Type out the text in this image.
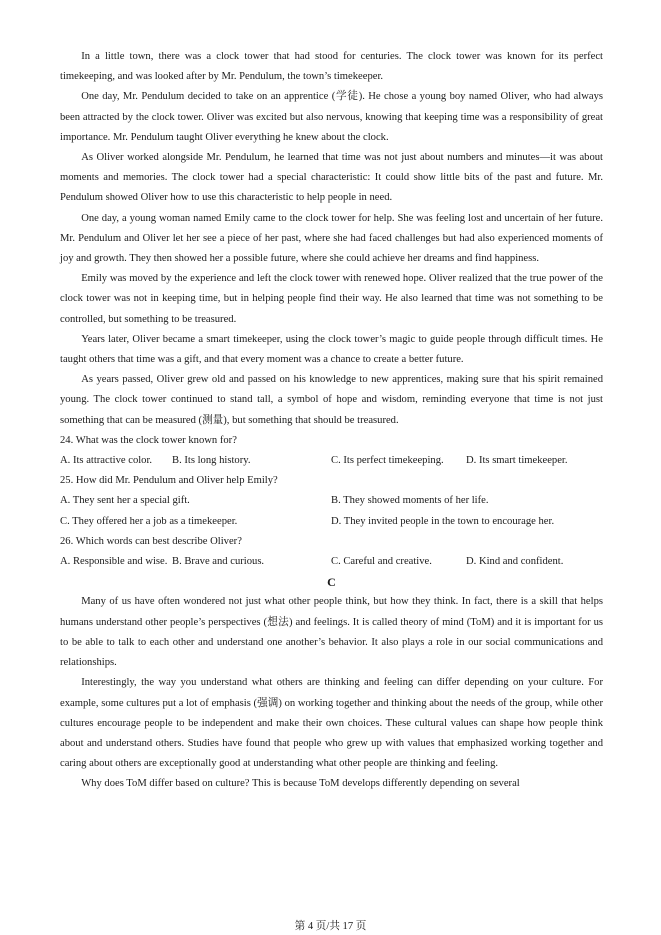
In a little town, there was a clock tower that had stood for centuries. The clock tower was known for its perfect timekeeping, and was looked after by Mr. Pendulum, the town’s timekeeper.

One day, Mr. Pendulum decided to take on an apprentice (学徒). He chose a young boy named Oliver, who had always been attracted by the clock tower. Oliver was excited but also nervous, knowing that keeping time was a responsibility of great importance. Mr. Pendulum taught Oliver everything he knew about the clock.

As Oliver worked alongside Mr. Pendulum, he learned that time was not just about numbers and minutes—it was about moments and memories. The clock tower had a special characteristic: It could show little bits of the past and future. Mr. Pendulum showed Oliver how to use this characteristic to help people in need.

One day, a young woman named Emily came to the clock tower for help. She was feeling lost and uncertain of her future. Mr. Pendulum and Oliver let her see a piece of her past, where she had faced challenges but had also experienced moments of joy and growth. They then showed her a possible future, where she could achieve her dreams and find happiness.

Emily was moved by the experience and left the clock tower with renewed hope. Oliver realized that the true power of the clock tower was not in keeping time, but in helping people find their way. He also learned that time was not something to be controlled, but something to be treasured.

Years later, Oliver became a smart timekeeper, using the clock tower’s magic to guide people through difficult times. He taught others that time was a gift, and that every moment was a chance to create a better future.

As years passed, Oliver grew old and passed on his knowledge to new apprentices, making sure that his spirit remained young. The clock tower continued to stand tall, a symbol of hope and wisdom, reminding everyone that time is not just something that can be measured (测量), but something that should be treasured.

24. What was the clock tower known for?

A. Its attractive color.	B. Its long history.	C. Its perfect timekeeping.	D. Its smart timekeeper.

25. How did Mr. Pendulum and Oliver help Emily?

A. They sent her a special gift.	B. They showed moments of her life.
C. They offered her a job as a timekeeper.	D. They invited people in the town to encourage her.

26. Which words can best describe Oliver?

A. Responsible and wise. B. Brave and curious.	C. Careful and creative.	D. Kind and confident.

C

Many of us have often wondered not just what other people think, but how they think. In fact, there is a skill that helps humans understand other people’s perspectives (想法) and feelings. It is called theory of mind (ToM) and it is important for us to be able to talk to each other and understand one another’s behavior. It also plays a role in our social communications and relationships.

Interestingly, the way you understand what others are thinking and feeling can differ depending on your culture. For example, some cultures put a lot of emphasis (强调) on working together and thinking about the needs of the group, while other cultures encourage people to be independent and make their own choices. These cultural values can shape how people think about and understand others. Studies have found that people who grew up with values that emphasized working together and caring about others are exceptionally good at understanding what other people are thinking and feeling.

Why does ToM differ based on culture? This is because ToM develops differently depending on several

第 4 页/共 17 页
